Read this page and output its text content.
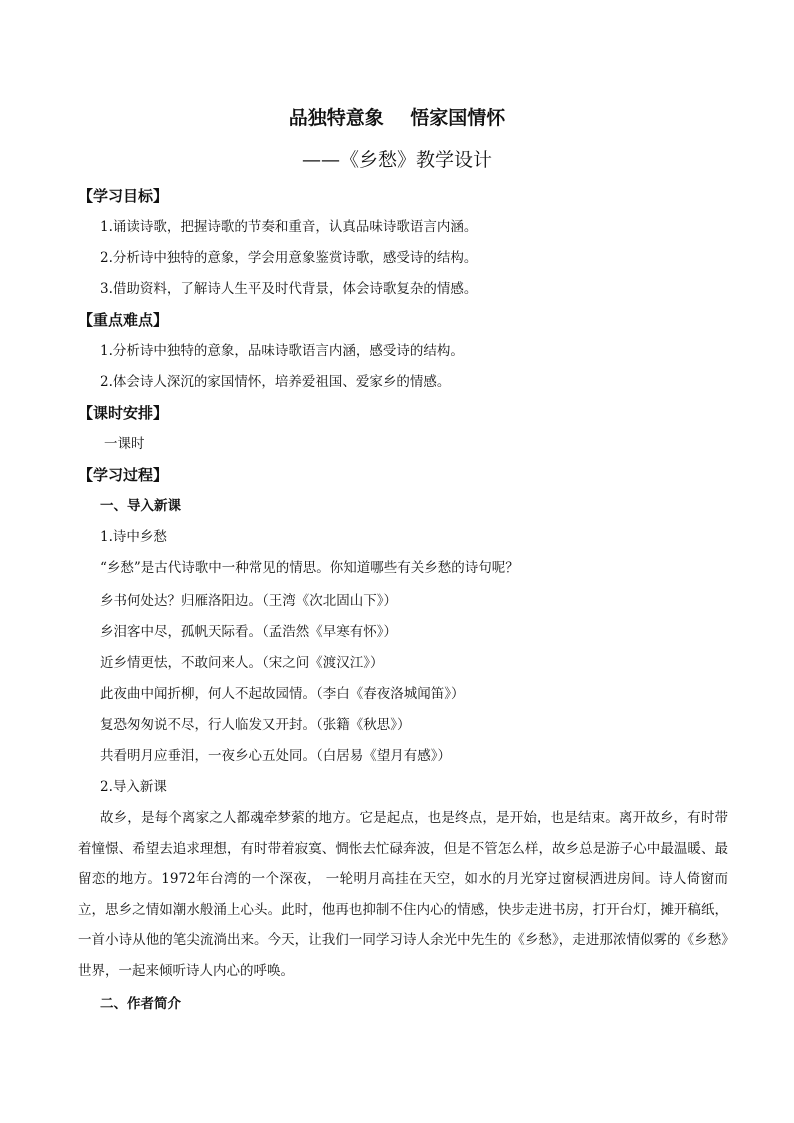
品独特意象    悟家国情怀
——《乡愁》教学设计
【学习目标】
1.诵读诗歌，把握诗歌的节奏和重音，认真品味诗歌语言内涵。
2.分析诗中独特的意象，学会用意象鉴赏诗歌，感受诗的结构。
3.借助资料，了解诗人生平及时代背景，体会诗歌复杂的情感。
【重点难点】
1.分析诗中独特的意象，品味诗歌语言内涵，感受诗的结构。
2.体会诗人深沉的家国情怀，培养爱祖国、爱家乡的情感。
【课时安排】
一课时
【学习过程】
一、导入新课
1.诗中乡愁
“乡愁”是古代诗歌中一种常见的情思。你知道哪些有关乡愁的诗句呢？
乡书何处达？归雁洛阳边。（王湾《次北固山下》）
乡泪客中尽，孤帆天际看。（孟浩然《早寒有怀》）
近乡情更怯，不敢问来人。（宋之问《渡汉江》）
此夜曲中闻折柳，何人不起故园情。（李白《春夜洛城闻笛》）
复恐匆匆说不尽，行人临发又开封。（张籍《秋思》）
共看明月应垂泪，一夜乡心五处同。（白居易《望月有感》）
2.导入新课
故乡，是每个离家之人都魂牵梦萦的地方。它是起点，也是终点，是开始，也是结束。离开故乡，有时带着憧憬、希望去追求理想，有时带着寂寞、惆怅去忙碌奔波，但是不管怎么样，故乡总是游子心中最温暖、最留恋的地方。1972年台湾的一个深夜， 一轮明月高挂在天空，如水的月光穿过窗棂洒进房间。诗人倚窗而立，思乡之情如潮水般涌上心头。此时，他再也抑制不住内心的情感，快步走进书房，打开台灯，摊开稿纸，一首小诗从他的笔尖流淌出来。今天，让我们一同学习诗人余光中先生的《乡愁》，走进那浓情似雾的《乡愁》世界，一起来倾听诗人内心的呼唤。
二、作者简介
